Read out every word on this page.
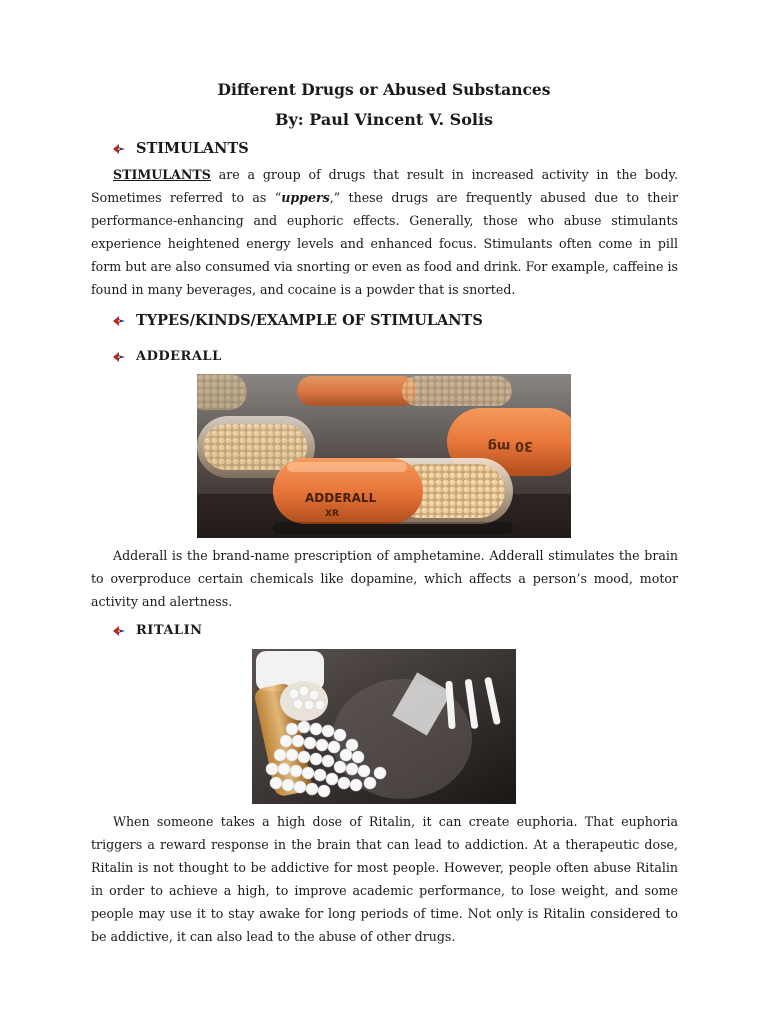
Different Drugs or Abused Substances
By: Paul Vincent V. Solis
STIMULANTS
STIMULANTS are a group of drugs that result in increased activity in the body. Sometimes referred to as “uppers,” these drugs are frequently abused due to their performance-enhancing and euphoric effects. Generally, those who abuse stimulants experience heightened energy levels and enhanced focus. Stimulants often come in pill form but are also consumed via snorting or even as food and drink. For example, caffeine is found in many beverages, and cocaine is a powder that is snorted.
TYPES/KINDS/EXAMPLE OF STIMULANTS
ADDERALL
30 mg
ADDERALL
XR
Adderall is the brand-name prescription of amphetamine. Adderall stimulates the brain to overproduce certain chemicals like dopamine, which affects a person’s mood, motor activity and alertness.
RITALIN
When someone takes a high dose of Ritalin, it can create euphoria. That euphoria triggers a reward response in the brain that can lead to addiction. At a therapeutic dose, Ritalin is not thought to be addictive for most people. However, people often abuse Ritalin in order to achieve a high, to improve academic performance, to lose weight, and some people may use it to stay awake for long periods of time. Not only is Ritalin considered to be addictive, it can also lead to the abuse of other drugs.
